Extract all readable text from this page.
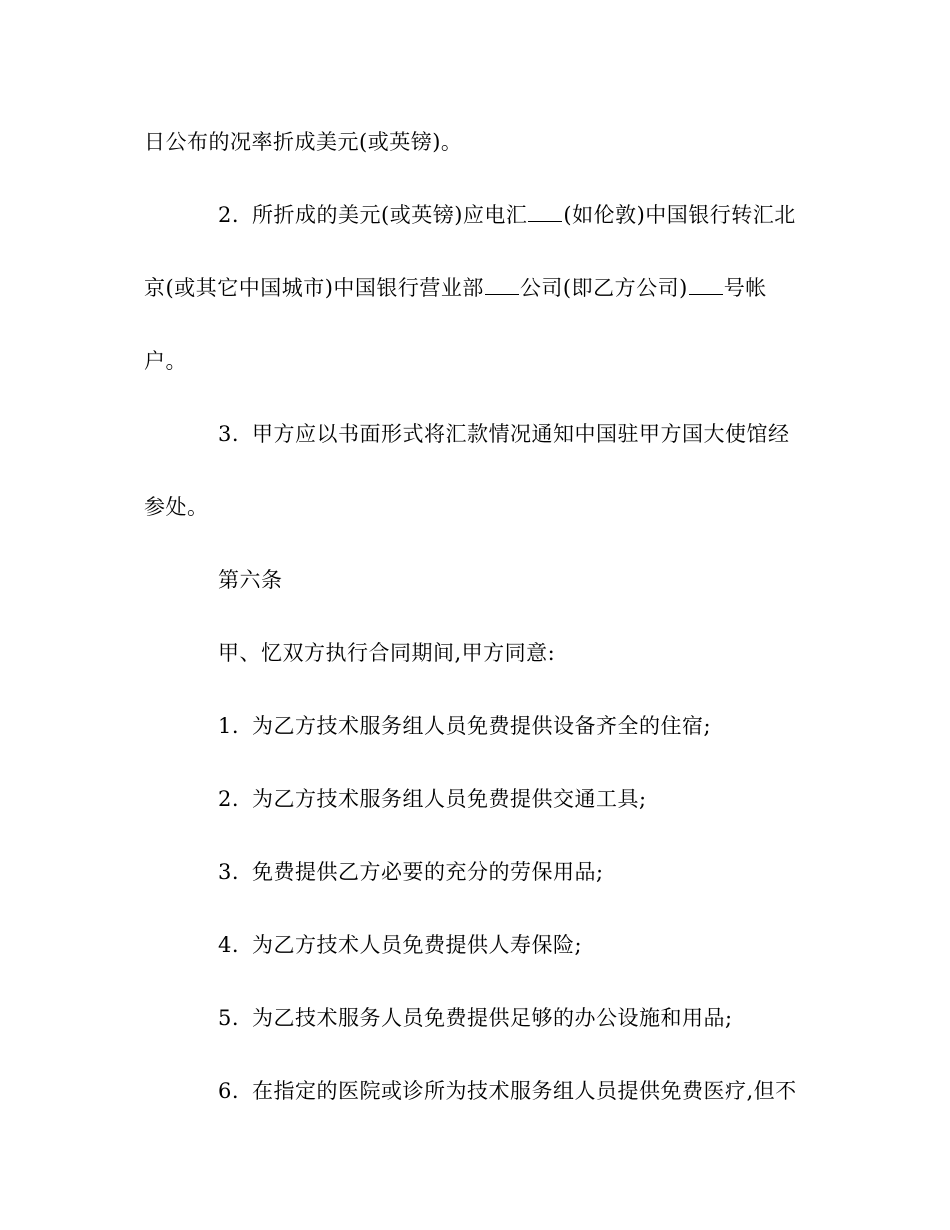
日公布的况率折成美元(或英镑)。
2. 所折成的美元(或英镑)应电汇 (如伦敦)中国银行转汇北
京(或其它中国城市)中国银行营业部 公司(即乙方公司) 号帐
户。
3. 甲方应以书面形式将汇款情况通知中国驻甲方国大使馆经
参处。
第六条
甲、忆双方执行合同期间,甲方同意:
1. 为乙方技术服务组人员免费提供设备齐全的住宿;
2. 为乙方技术服务组人员免费提供交通工具;
3. 免费提供乙方必要的充分的劳保用品;
4. 为乙方技术人员免费提供人寿保险;
5. 为乙技术服务人员免费提供足够的办公设施和用品;
6. 在指定的医院或诊所为技术服务组人员提供免费医疗,但不
